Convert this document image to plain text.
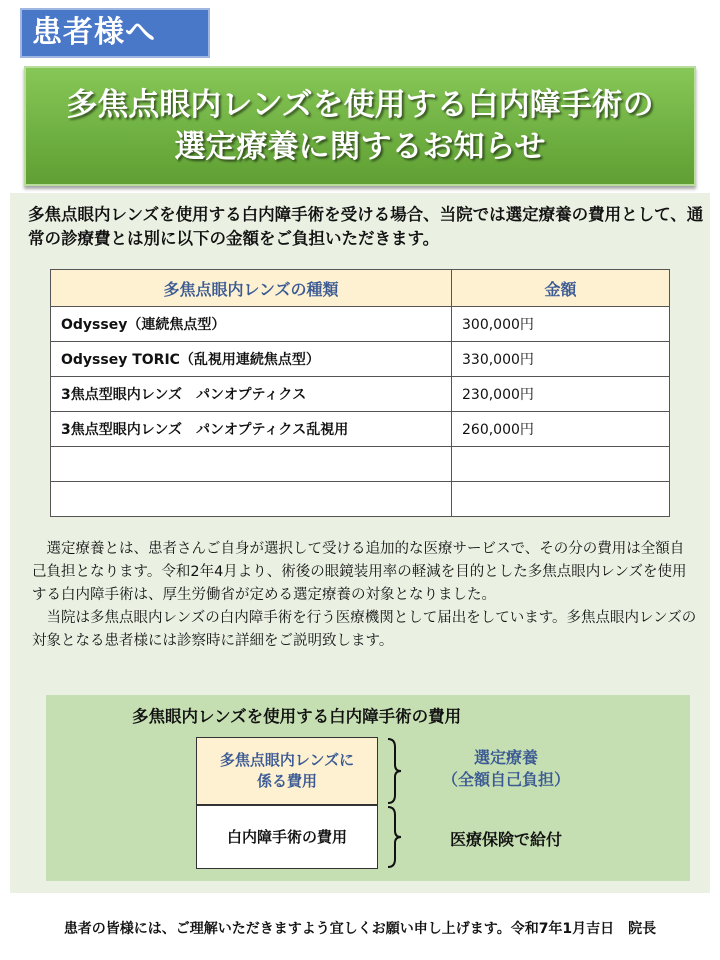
患者様へ
多焦点眼内レンズを使用する白内障手術の
選定療養に関するお知らせ
多焦点眼内レンズを使用する白内障手術を受ける場合、当院では選定療養の費用として、通常の診療費とは別に以下の金額をご負担いただきます。
多焦点眼内レンズの種類	金額
Odyssey（連続焦点型）	300,000円
Odyssey TORIC（乱視用連続焦点型）	330,000円
3焦点型眼内レンズ　パンオプティクス	230,000円
3焦点型眼内レンズ　パンオプティクス乱視用	260,000円

選定療養とは、患者さんご自身が選択して受ける追加的な医療サービスで、その分の費用は全額自己負担となります。令和2年4月より、術後の眼鏡装用率の軽減を目的とした多焦点眼内レンズを使用する白内障手術は、厚生労働省が定める選定療養の対象となりました。

当院は多焦点眼内レンズの白内障手術を行う医療機関として届出をしています。多焦点眼内レンズの対象となる患者様には診察時に詳細をご説明致します。

多焦眼内レンズを使用する白内障手術の費用
多焦点眼内レンズに
係る費用
白内障手術の費用
選定療養
（全額自己負担）
医療保険で給付
患者の皆様には、ご理解いただきますよう宜しくお願い申し上げます。令和7年1月吉日　院長
